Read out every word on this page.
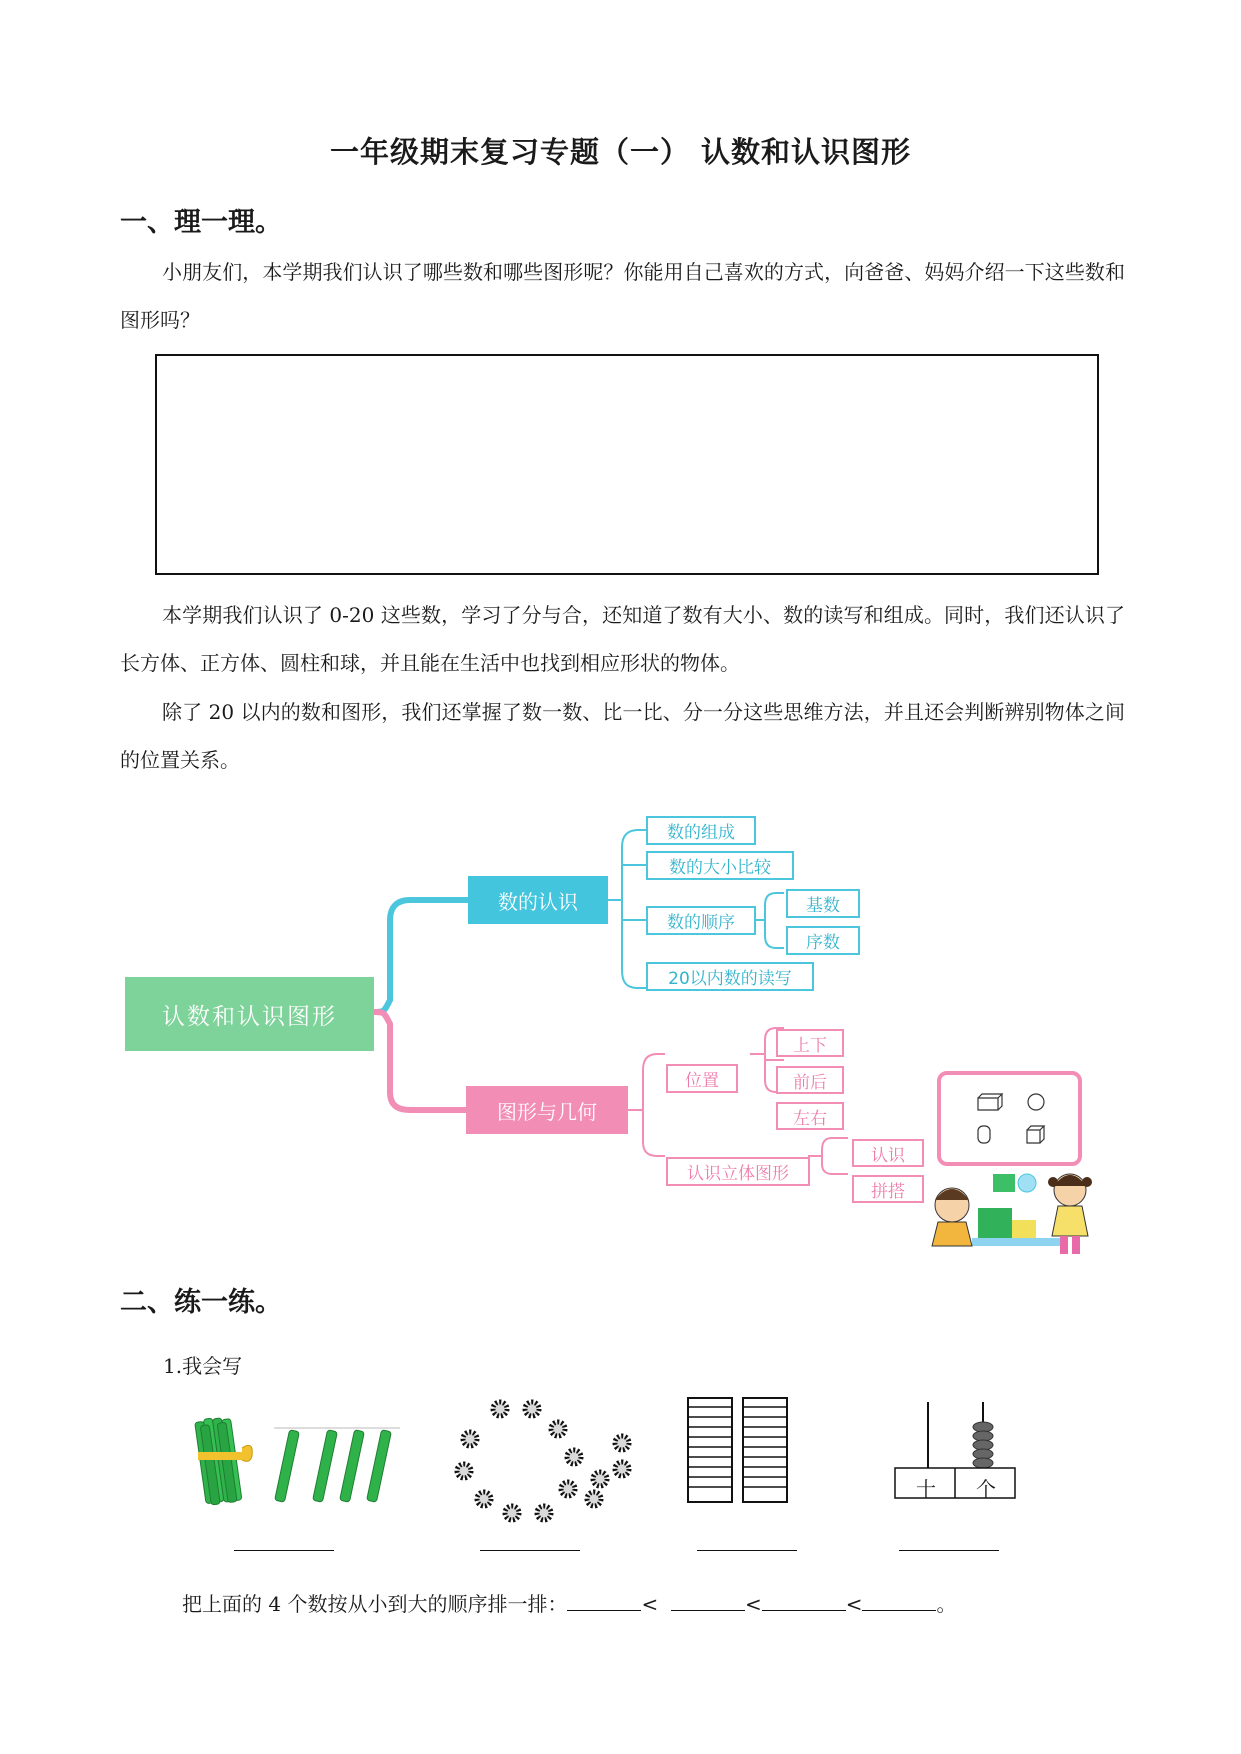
一年级期末复习专题（一） 认数和认识图形
一、理一理。
小朋友们，本学期我们认识了哪些数和哪些图形呢？你能用自己喜欢的方式，向爸爸、妈妈介绍一下这些数和图形吗？
本学期我们认识了 0-20 这些数，学习了分与合，还知道了数有大小、数的读写和组成。同时，我们还认识了长方体、正方体、圆柱和球，并且能在生活中也找到相应形状的物体。
除了 20 以内的数和图形，我们还掌握了数一数、比一比、分一分这些思维方法，并且还会判断辨别物体之间的位置关系。
认数和认识图形
数的认识
图形与几何
数的组成
数的大小比较
数的顺序
基数
序数
20以内数的读写
位置
上下
前后
左右
认识立体图形
认识
拼搭
二、练一练。
1.我会写
十	个
把上面的 4 个数按从小到大的顺序排一排：	<	<	<	。
